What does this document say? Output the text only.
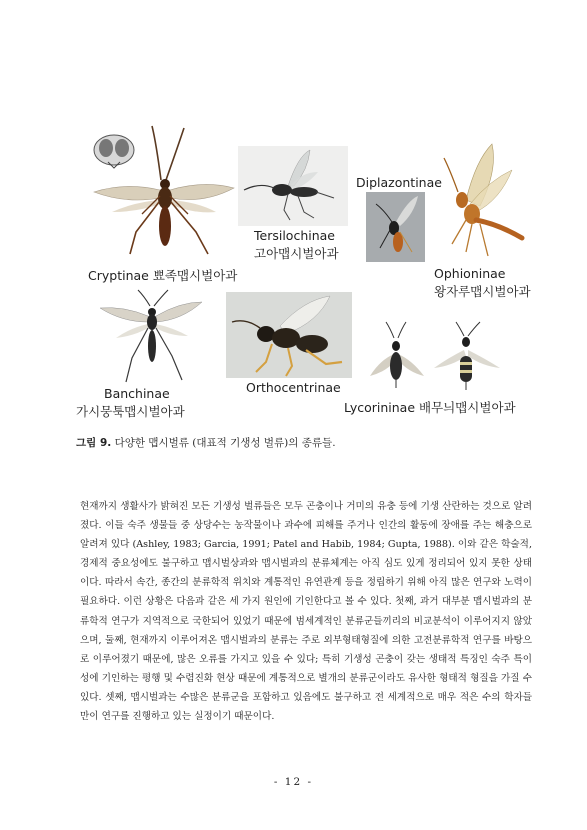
Cryptinae 뾰족맵시벌아과
Tersilochinae
고아맵시벌아과
Diplazontinae
Ophioninae
왕자루맵시벌아과
Banchinae
가시뭉툭맵시벌아과
Orthocentrinae
Lycorininae 배무늬맵시벌아과
그림 9. 다양한 맵시벌류 (대표적 기생성 벌류)의 종류들.
현재까지 생활사가 밝혀진 모든 기생성 벌류들은 모두 곤충이나 거미의 유충 등에 기생 산란하는 것으로 알려졌다. 이들 숙주 생물들 중 상당수는 농작물이나 과수에 피해를 주거나 인간의 활동에 장애를 주는 해충으로 알려져 있다 (Ashley, 1983; Garcia, 1991; Patel and Habib, 1984; Gupta, 1988). 이와 같은 학술적, 경제적 중요성에도 불구하고 맵시벌상과와 맵시벌과의 분류체계는 아직 심도 있게 정리되어 있지 못한 상태이다. 따라서 속간, 종간의 분류학적 위치와 계통적인 유연관계 등을 정립하기 위해 아직 많은 연구와 노력이 필요하다. 이런 상황은 다음과 같은 세 가지 원인에 기인한다고 볼 수 있다. 첫째, 과거 대부분 맵시벌과의 분류학적 연구가 지역적으로 국한되어 있었기 때문에 범세계적인 분류군들끼리의 비교분석이 이루어지지 않았으며, 둘째, 현재까지 이루어져온 맵시벌과의 분류는 주로 외부형태형질에 의한 고전분류학적 연구를 바탕으로 이루어졌기 때문에, 많은 오류를 가지고 있을 수 있다; 특히 기생성 곤충이 갖는 생태적 특징인 숙주 특이성에 기인하는 평행 및 수렴진화 현상 때문에 계통적으로 별개의 분류군이라도 유사한 형태적 형질을 가질 수 있다. 셋째, 맵시벌과는 수많은 분류군을 포함하고 있음에도 불구하고 전 세계적으로 매우 적은 수의 학자들만이 연구를 진행하고 있는 실정이기 때문이다.
- 12 -
